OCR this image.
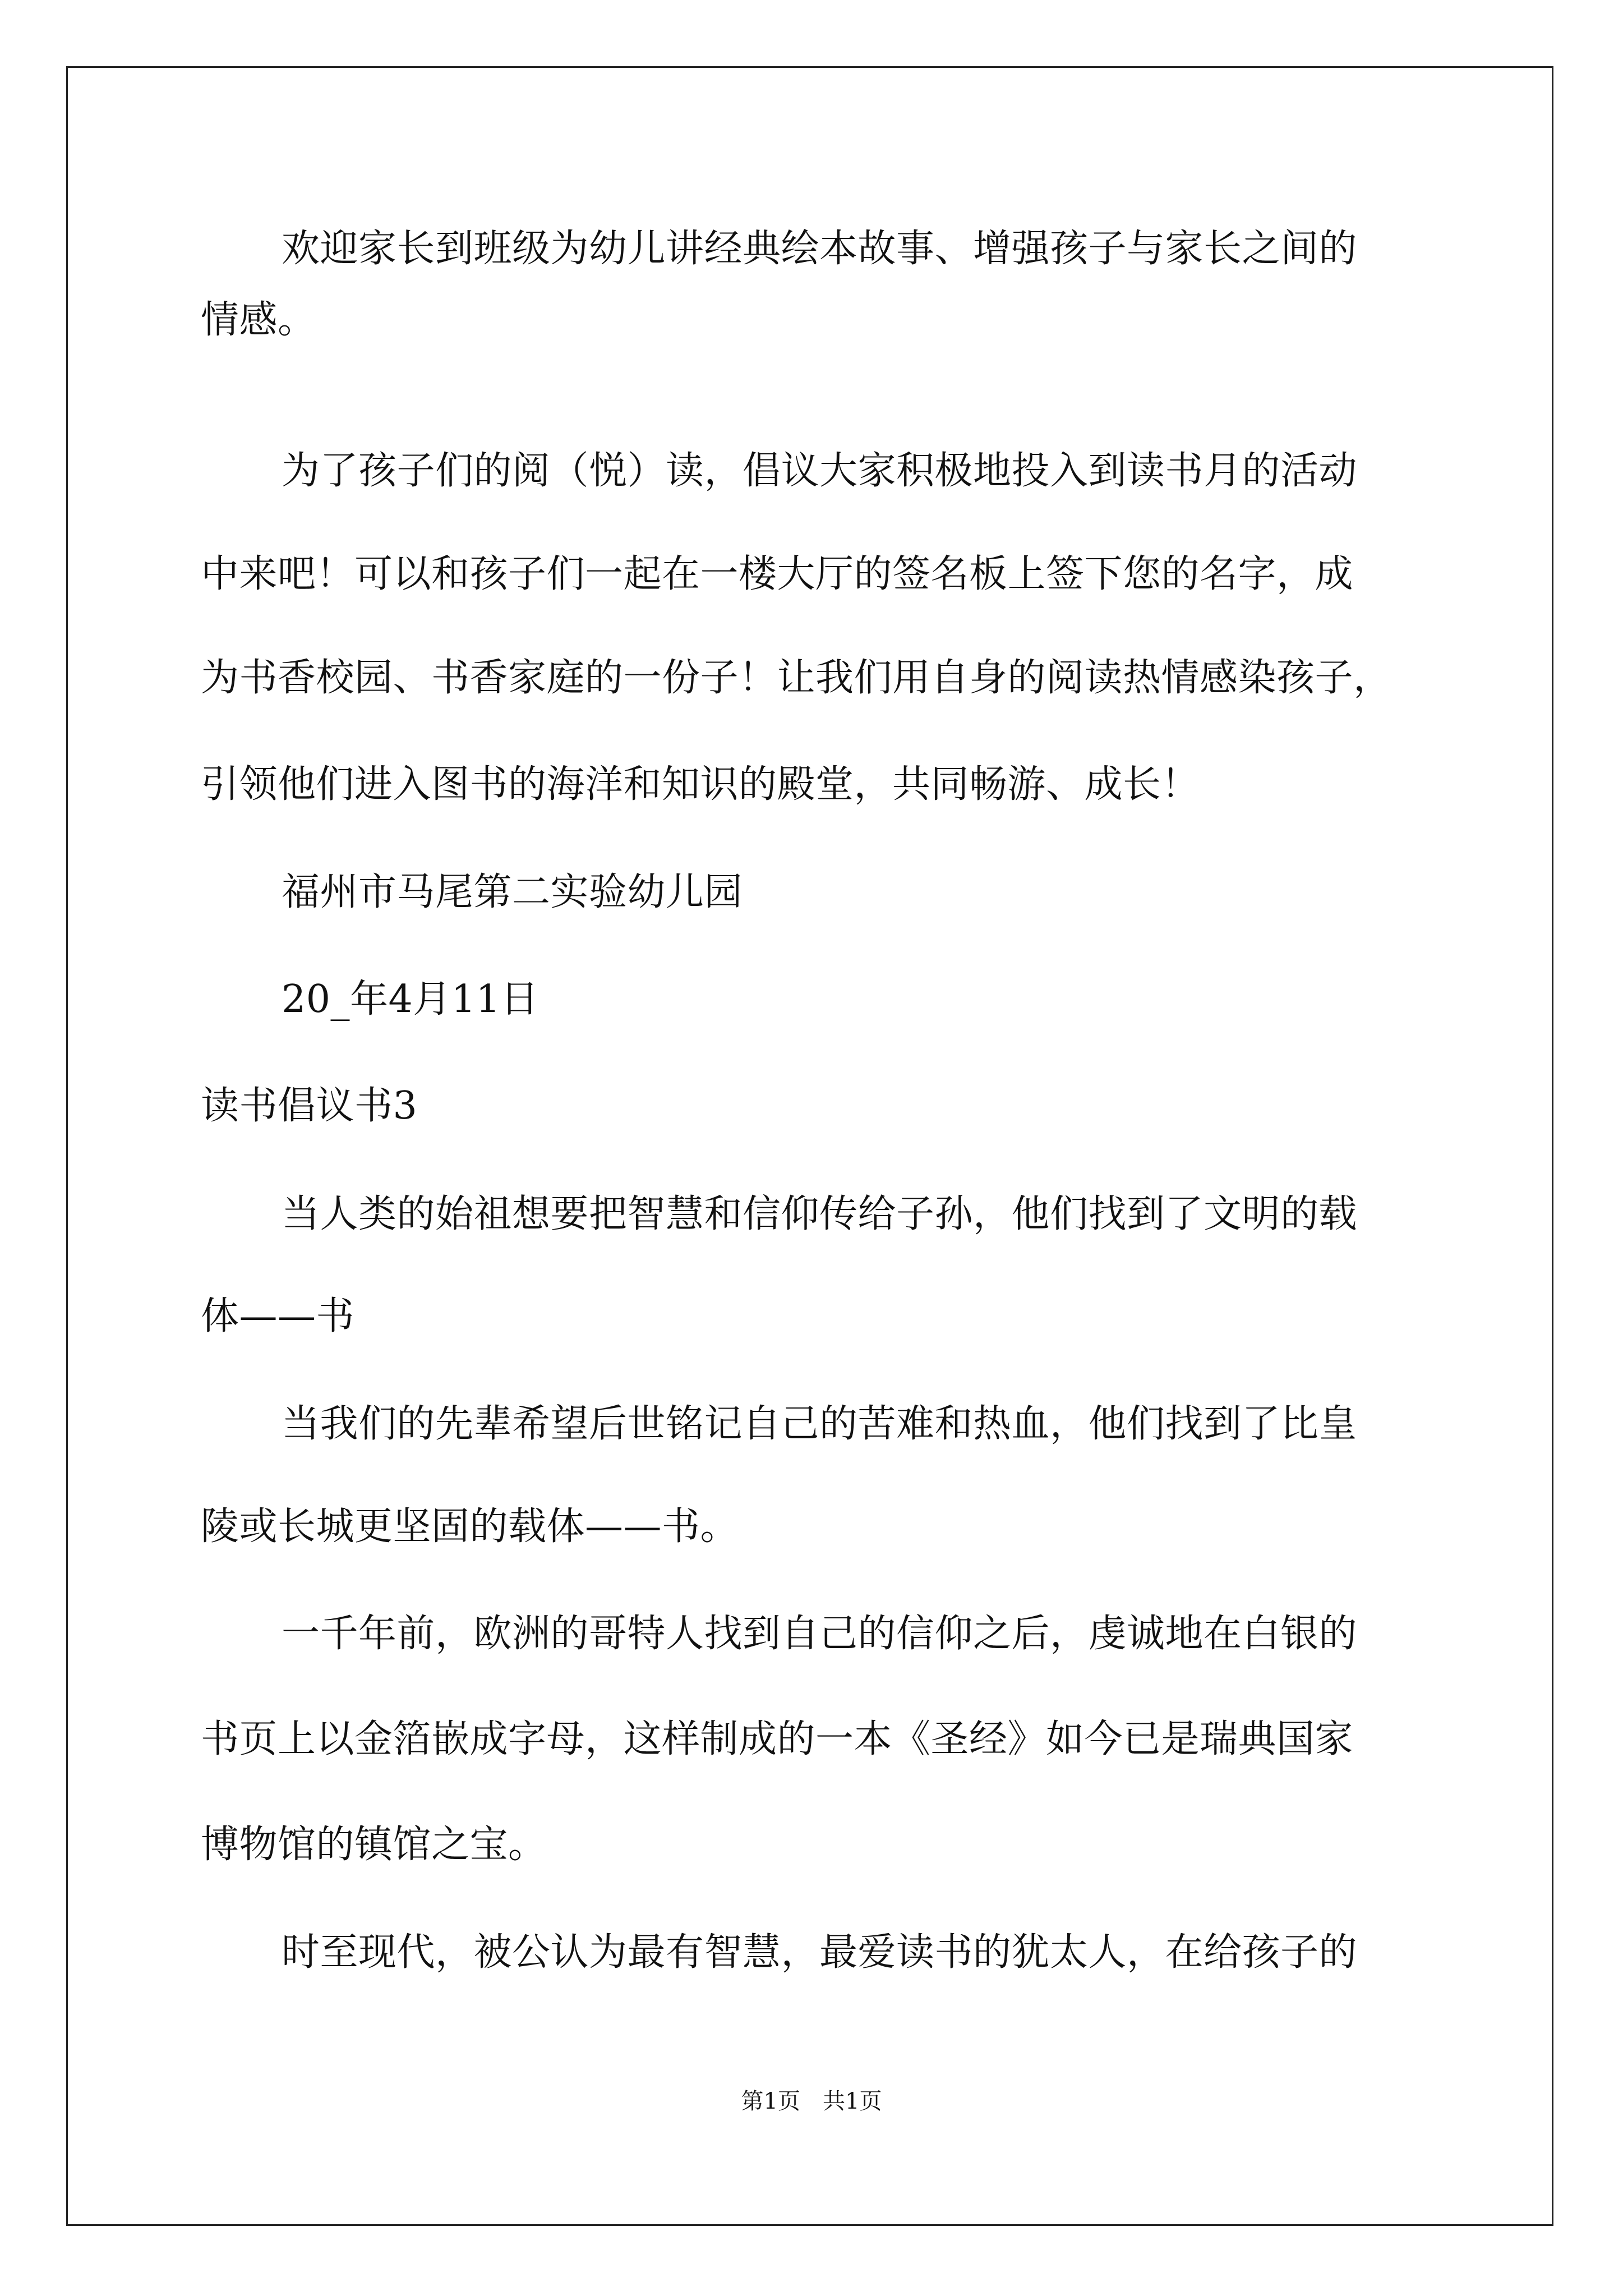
欢迎家长到班级为幼儿讲经典绘本故事、增强孩子与家长之间的
情感。
为了孩子们的阅（悦）读，倡议大家积极地投入到读书月的活动
中来吧！可以和孩子们一起在一楼大厅的签名板上签下您的名字，成
为书香校园、书香家庭的一份子！让我们用自身的阅读热情感染孩子，
引领他们进入图书的海洋和知识的殿堂，共同畅游、成长！
福州市马尾第二实验幼儿园
20_年4月11日
读书倡议书3
当人类的始祖想要把智慧和信仰传给子孙，他们找到了文明的载
体——书
当我们的先辈希望后世铭记自己的苦难和热血，他们找到了比皇
陵或长城更坚固的载体——书。
一千年前，欧洲的哥特人找到自己的信仰之后，虔诚地在白银的
书页上以金箔嵌成字母，这样制成的一本《圣经》如今已是瑞典国家
博物馆的镇馆之宝。
时至现代，被公认为最有智慧，最爱读书的犹太人，在给孩子的
第1页　共1页
